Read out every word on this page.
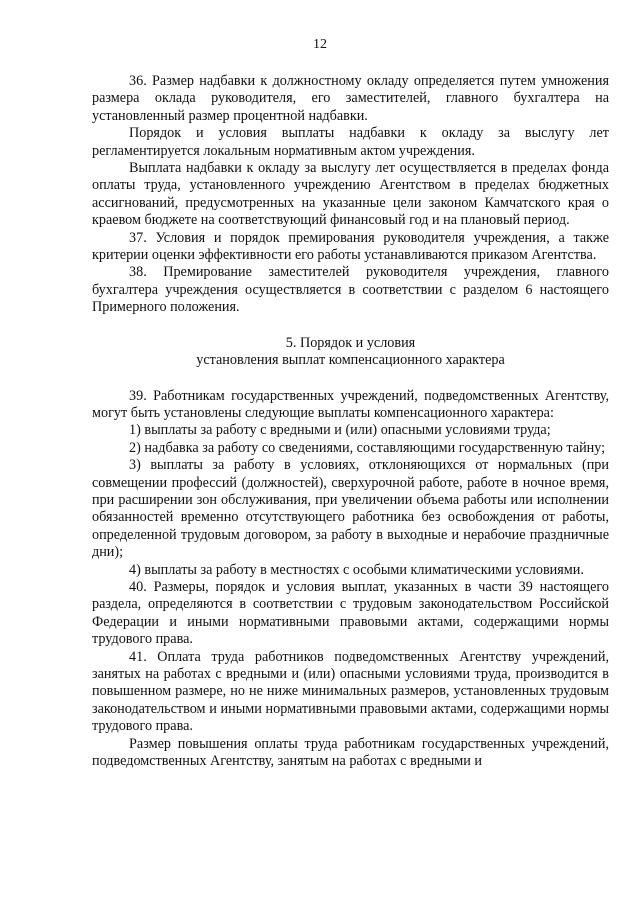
12

36. Размер надбавки к должностному окладу определяется путем умножения размера оклада руководителя, его заместителей, главного бухгалтера на установленный размер процентной надбавки.

Порядок и условия выплаты надбавки к окладу за выслугу лет регламентируется локальным нормативным актом учреждения.

Выплата надбавки к окладу за выслугу лет осуществляется в пределах фонда оплаты труда, установленного учреждению Агентством в пределах бюджетных ассигнований, предусмотренных на указанные цели законом Камчатского края о краевом бюджете на соответствующий финансовый год и на плановый период.

37. Условия и порядок премирования руководителя учреждения, а также критерии оценки эффективности его работы устанавливаются приказом Агентства.

38. Премирование заместителей руководителя учреждения, главного бухгалтера учреждения осуществляется в соответствии с разделом 6 настоящего Примерного положения.

5. Порядок и условия
установления выплат компенсационного характера

39. Работникам государственных учреждений, подведомственных Агентству, могут быть установлены следующие выплаты компенсационного характера:

1) выплаты за работу с вредными и (или) опасными условиями труда;

2) надбавка за работу со сведениями, составляющими государственную тайну;

3) выплаты за работу в условиях, отклоняющихся от нормальных (при совмещении профессий (должностей), сверхурочной работе, работе в ночное время, при расширении зон обслуживания, при увеличении объема работы или исполнении обязанностей временно отсутствующего работника без освобождения от работы, определенной трудовым договором, за работу в выходные и нерабочие праздничные дни);

4) выплаты за работу в местностях с особыми климатическими условиями.

40. Размеры, порядок и условия выплат, указанных в части 39 настоящего раздела, определяются в соответствии с трудовым законодательством Российской Федерации и иными нормативными правовыми актами, содержащими нормы трудового права.

41. Оплата труда работников подведомственных Агентству учреждений, занятых на работах с вредными и (или) опасными условиями труда, производится в повышенном размере, но не ниже минимальных размеров, установленных трудовым законодательством и иными нормативными правовыми актами, содержащими нормы трудового права.

Размер повышения оплаты труда работникам государственных учреждений, подведомственных Агентству, занятым на работах с вредными и
